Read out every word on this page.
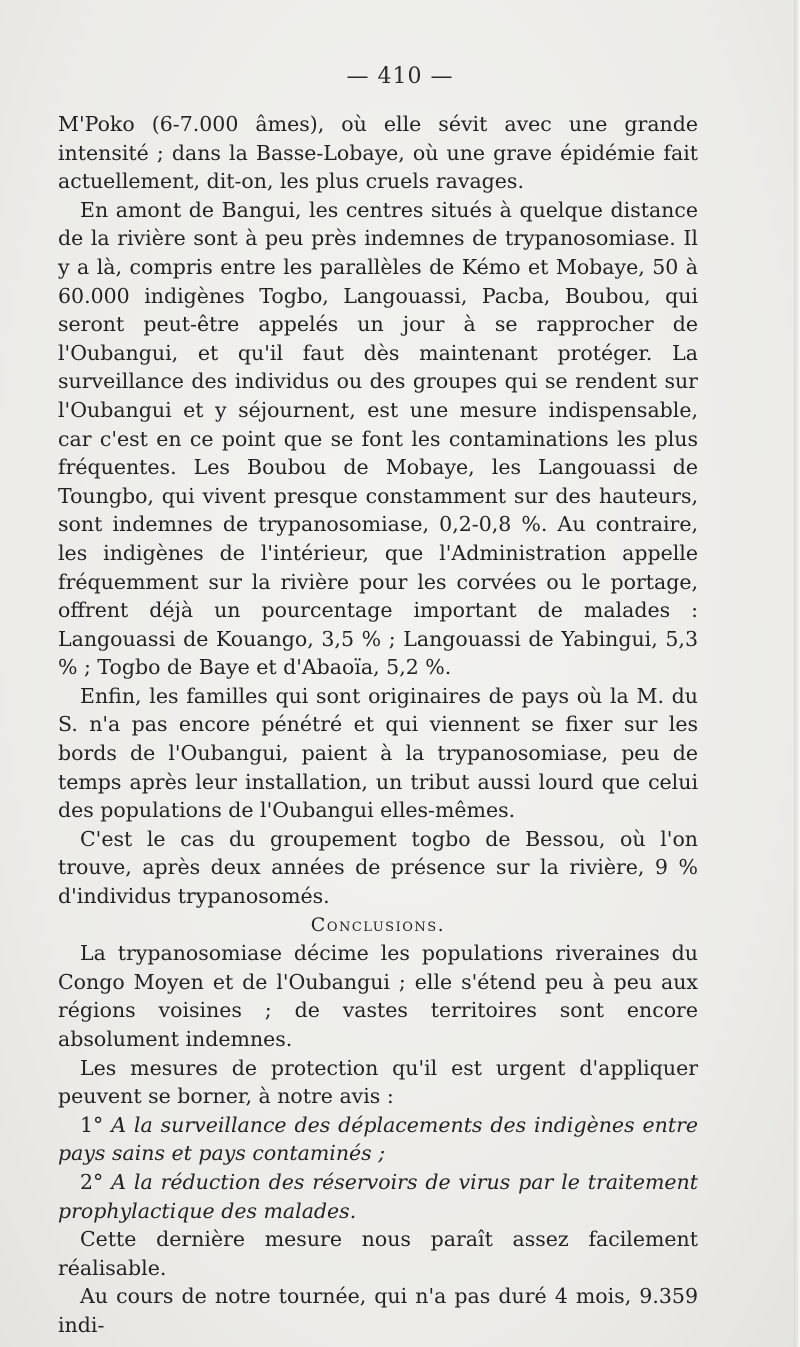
— 410 —

M'Poko (6-7.000 âmes), où elle sévit avec une grande intensité ; dans la Basse-Lobaye, où une grave épidémie fait actuellement, dit-on, les plus cruels ravages.

En amont de Bangui, les centres situés à quelque distance de la rivière sont à peu près indemnes de trypanosomiase. Il y a là, compris entre les parallèles de Kémo et Mobaye, 50 à 60.000 indigènes Togbo, Langouassi, Pacba, Boubou, qui seront peut-être appelés un jour à se rapprocher de l'Oubangui, et qu'il faut dès maintenant protéger. La surveillance des individus ou des groupes qui se rendent sur l'Oubangui et y séjournent, est une mesure indispensable, car c'est en ce point que se font les contaminations les plus fréquentes. Les Boubou de Mobaye, les Langouassi de Toungbo, qui vivent presque constamment sur des hauteurs, sont indemnes de trypanosomiase, 0,2-0,8 %. Au contraire, les indigènes de l'intérieur, que l'Administration appelle fréquemment sur la rivière pour les corvées ou le portage, offrent déjà un pourcentage important de malades : Langouassi de Kouango, 3,5 % ; Langouassi de Yabingui, 5,3 % ; Togbo de Baye et d'Abaoïa, 5,2 %.

Enfin, les familles qui sont originaires de pays où la M. du S. n'a pas encore pénétré et qui viennent se fixer sur les bords de l'Oubangui, paient à la trypanosomiase, peu de temps après leur installation, un tribut aussi lourd que celui des populations de l'Oubangui elles-mêmes.

C'est le cas du groupement togbo de Bessou, où l'on trouve, après deux années de présence sur la rivière, 9 % d'individus trypanosomés.

Conclusions.

La trypanosomiase décime les populations riveraines du Congo Moyen et de l'Oubangui ; elle s'étend peu à peu aux régions voisines ; de vastes territoires sont encore absolument indemnes.

Les mesures de protection qu'il est urgent d'appliquer peuvent se borner, à notre avis :

1° A la surveillance des déplacements des indigènes entre pays sains et pays contaminés ;

2° A la réduction des réservoirs de virus par le traitement prophylactique des malades.

Cette dernière mesure nous paraît assez facilement réalisable.

Au cours de notre tournée, qui n'a pas duré 4 mois, 9.359 indi-
